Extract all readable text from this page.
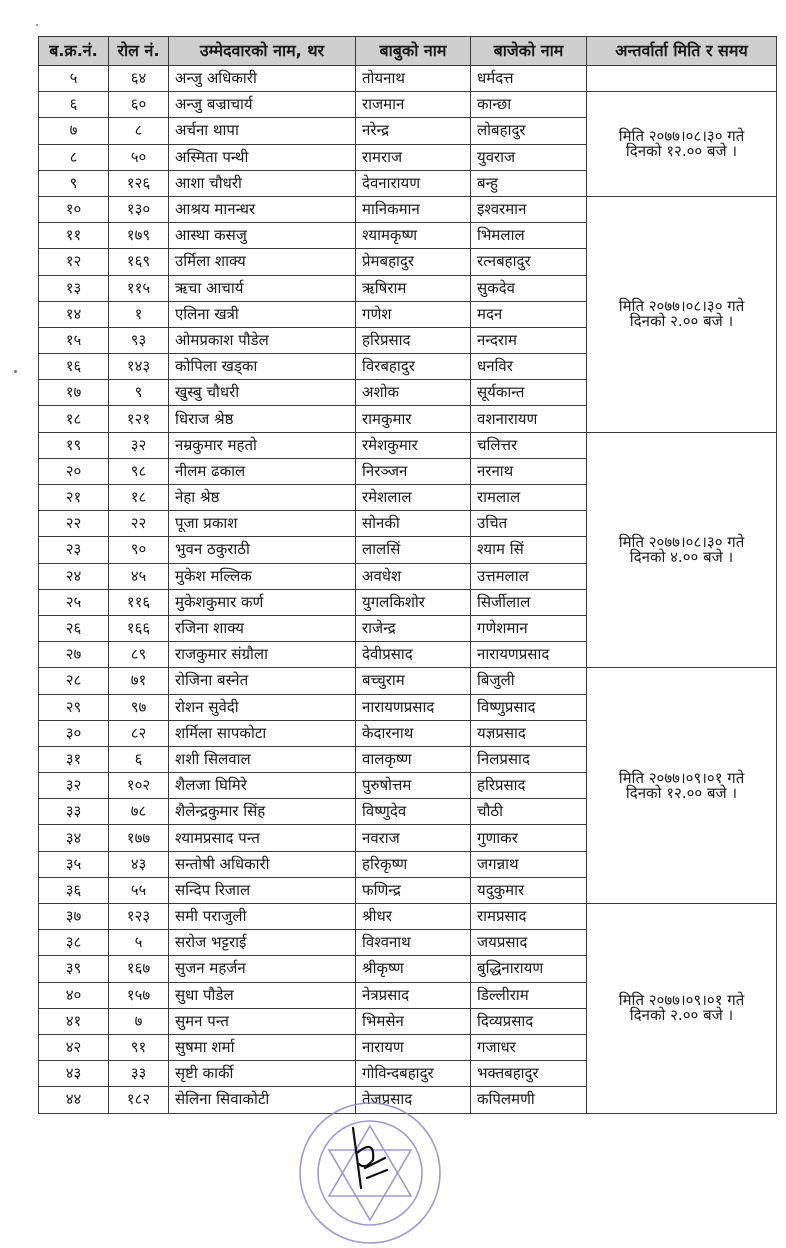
ब.क्र.नं.	रोल नं.	उम्मेदवारको नाम, थर	बाबुको नाम	बाजेको नाम	अन्तर्वार्ता मिति र समय
५	६४	अन्जु अधिकारी	तोयनाथ	धर्मदत्त	

६	६०	अन्जु बज्राचार्य	राजमान	कान्छा	मिति २०७७।०८।३० गते
दिनको १२.०० बजे ।

७	८	अर्चना थापा	नरेन्द्र	लोबहादुर	
८	५०	अस्मिता पन्थी	रामराज	युवराज	
९	१२६	आशा चौधरी	देवनारायण	बन्हु	
१०	१३०	आश्रय मानन्धर	मानिकमान	इश्वरमान	मिति २०७७।०८।३० गते
दिनको २.०० बजे ।

११	१७९	आस्था कसजु	श्यामकृष्ण	भिमलाल	
१२	१६९	उर्मिला शाक्य	प्रेमबहादुर	रत्नबहादुर	
१३	११५	ऋचा आचार्य	ऋषिराम	सुकदेव	
१४	१	एलिना खत्री	गणेश	मदन	
१५	९३	ओमप्रकाश पौडेल	हरिप्रसाद	नन्दराम	
१६	१४३	कोपिला खड्का	विरबहादुर	धनविर	
१७	९	खुस्बु चौधरी	अशोक	सूर्यकान्त	
१८	१२१	धिराज श्रेष्ठ	रामकुमार	वशनारायण	
१९	३२	नम्रकुमार महतो	रमेशकुमार	चलित्तर	मिति २०७७।०८।३० गते
दिनको ४.०० बजे ।

२०	९८	नीलम ढकाल	निरञ्जन	नरनाथ	
२१	१८	नेहा श्रेष्ठ	रमेशलाल	रामलाल	
२२	२२	पूजा प्रकाश	सोनकी	उचित	
२३	९०	भुवन ठकुराठी	लालसिं	श्याम सिं	
२४	४५	मुकेश मल्लिक	अवधेश	उत्तमलाल	
२५	११६	मुकेशकुमार कर्ण	युगलकिशोर	सिर्जीलाल	
२६	१६६	रजिना शाक्य	राजेन्द्र	गणेशमान	
२७	८९	राजकुमार संग्रौला	देवीप्रसाद	नारायणप्रसाद	
२८	७१	रोजिना बस्नेत	बच्चुराम	बिजुली	मिति २०७७।०९।०१ गते
दिनको १२.०० बजे ।

२९	९७	रोशन सुवेदी	नारायणप्रसाद	विष्णुप्रसाद	
३०	८२	शर्मिला सापकोटा	केदारनाथ	यज्ञप्रसाद	
३१	६	शशी सिलवाल	वालकृष्ण	निलप्रसाद	
३२	१०२	शैलजा घिमिरे	पुरुषोत्तम	हरिप्रसाद	
३३	७८	शैलेन्द्रकुमार सिंह	विष्णुदेव	चौठी	
३४	१७७	श्यामप्रसाद पन्त	नवराज	गुणाकर	
३५	४३	सन्तोषी अधिकारी	हरिकृष्ण	जगन्नाथ	
३६	५५	सन्दिप रिजाल	फणिन्द्र	यदुकुमार	
३७	१२३	समी पराजुली	श्रीधर	रामप्रसाद	मिति २०७७।०९।०१ गते
दिनको २.०० बजे ।

३८	५	सरोज भट्टराई	विश्वनाथ	जयप्रसाद	
३९	१६७	सुजन महर्जन	श्रीकृष्ण	बुद्धिनारायण	
४०	१५७	सुधा पौडेल	नेत्रप्रसाद	डिल्लीराम	
४१	७	सुमन पन्त	भिमसेन	दिव्यप्रसाद	
४२	९१	सुषमा शर्मा	नारायण	गजाधर	
४३	३३	सृष्टी कार्की	गोविन्दबहादुर	भक्तबहादुर	
४४	१८२	सेलिना सिवाकोटी	तेजप्रसाद	कपिलमणी	
